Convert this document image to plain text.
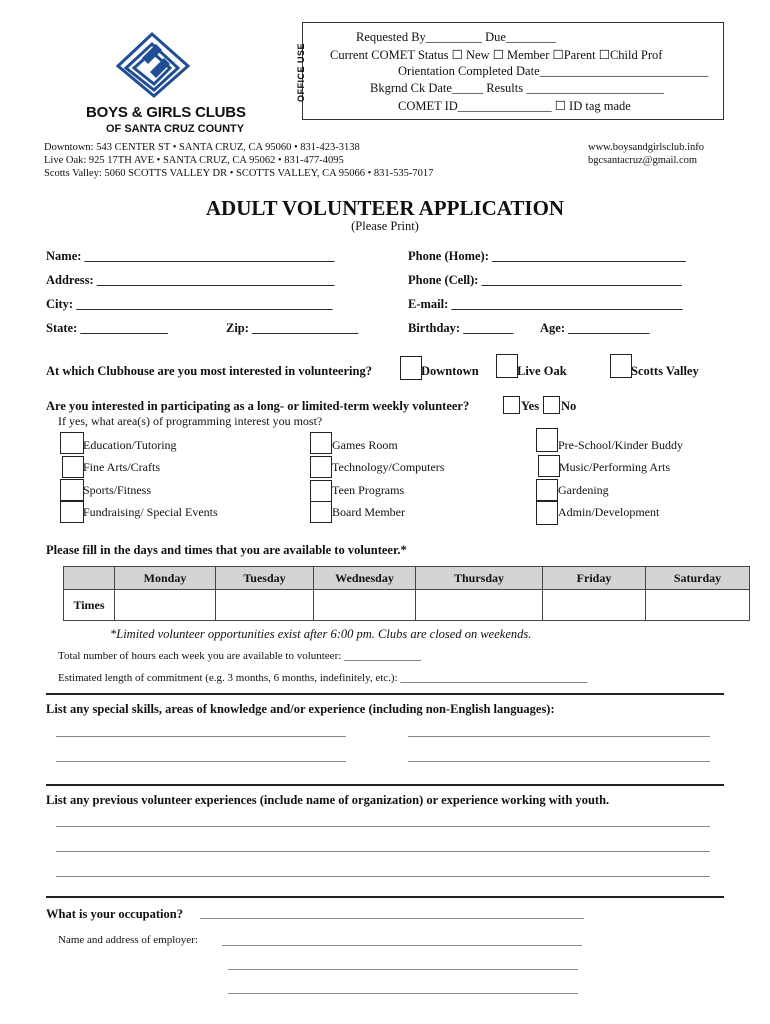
BOYS & GIRLS CLUBS
OF SANTA CRUZ COUNTY
OFFICE USE
Requested By_________ Due________
Current COMET Status ☐ New ☐ Member ☐Parent ☐Child Prof
Orientation Completed Date___________________________
Bkgrnd Ck Date_____ Results ______________________
COMET ID_______________ ☐ ID tag made
Downtown: 543 CENTER ST • SANTA CRUZ, CA 95060 • 831-423-3138
Live Oak: 925 17TH AVE • SANTA CRUZ, CA 95062 • 831-477-4095
Scotts Valley: 5060 SCOTTS VALLEY DR • SCOTTS VALLEY, CA 95066 • 831-535-7017
www.boysandgirlsclub.info
bgcsantacruz@gmail.com
ADULT VOLUNTEER APPLICATION
(Please Print)
Name: ________________________________________
Address: ______________________________________
City: _________________________________________
State: ______________	Zip: _________________
Phone (Home): _______________________________
Phone (Cell): ________________________________
E-mail: _____________________________________
Birthday: ________ Age: _____________
At which Clubhouse are you most interested in volunteering?	Downtown	Live Oak	Scotts Valley
Are you interested in participating as a long- or limited-term weekly volunteer?	Yes No
If yes, what area(s) of programming interest you most?
Education/Tutoring
Fine Arts/Crafts
Sports/Fitness
Fundraising/ Special Events
Games Room
Technology/Computers
Teen Programs
Board Member
Pre-School/Kinder Buddy
Music/Performing Arts
Gardening
Admin/Development
Please fill in the days and times that you are available to volunteer.*
	Monday	Tuesday	Wednesday	Thursday	Friday	Saturday
Times						
*Limited volunteer opportunities exist after 6:00 pm. Clubs are closed on weekends.
Total number of hours each week you are available to volunteer: ______________
Estimated length of commitment (e.g. 3 months, 6 months, indefinitely, etc.): __________________________________
List any special skills, areas of knowledge and/or experience (including non-English languages):
List any previous volunteer experiences (include name of organization) or experience working with youth.
What is your occupation?
Name and address of employer:
